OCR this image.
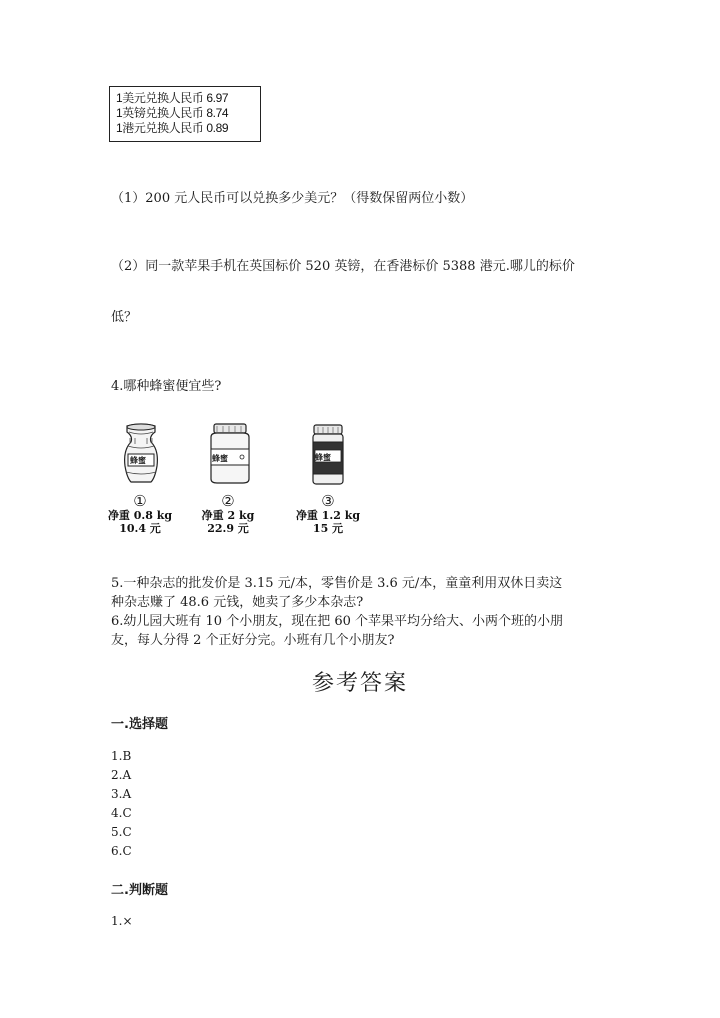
1美元兑换人民币 6.97
1英镑兑换人民币 8.74
1港元兑换人民币 0.89
（1）200 元人民币可以兑换多少美元？（得数保留两位小数）
（2）同一款苹果手机在英国标价 520 英镑，在香港标价 5388 港元.哪儿的标价
低？
4.哪种蜂蜜便宜些?
蜂蜜	蜂蜜	蜂蜜
①
净重 0.8 kg
10.4 元
②
净重 2 kg
22.9 元
③
净重 1.2 kg
15 元
5.一种杂志的批发价是 3.15 元/本，零售价是 3.6 元/本，童童利用双休日卖这
种杂志赚了 48.6 元钱，她卖了多少本杂志?
6.幼儿园大班有 10 个小朋友，现在把 60 个苹果平均分给大、小两个班的小朋
友，每人分得 2 个正好分完。小班有几个小朋友?
参考答案
一.选择题
1.B
2.A
3.A
4.C
5.C
6.C
二.判断题
1.×
